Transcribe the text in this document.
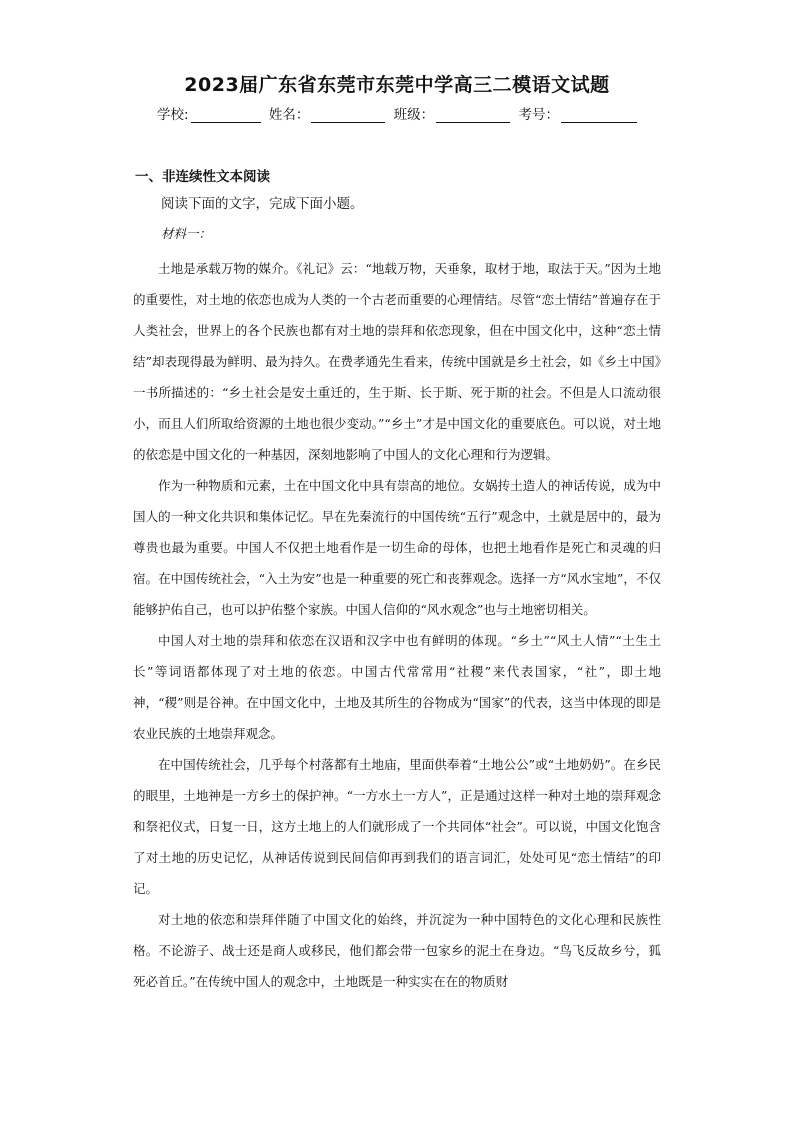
2023届广东省东莞市东莞中学高三二模语文试题
学校:	姓名：	班级：	考号：
一、非连续性文本阅读
阅读下面的文字，完成下面小题。
材料一：

土地是承载万物的媒介。《礼记》云：“地载万物，天垂象，取材于地，取法于天。”因为土地的重要性，对土地的依恋也成为人类的一个古老而重要的心理情结。尽管“恋土情结”普遍存在于人类社会，世界上的各个民族也都有对土地的崇拜和依恋现象，但在中国文化中，这种“恋土情结”却表现得最为鲜明、最为持久。在费孝通先生看来，传统中国就是乡土社会，如《乡土中国》一书所描述的：“乡土社会是安土重迁的，生于斯、长于斯、死于斯的社会。不但是人口流动很小，而且人们所取给资源的土地也很少变动。”“乡土”才是中国文化的重要底色。可以说，对土地的依恋是中国文化的一种基因，深刻地影响了中国人的文化心理和行为逻辑。

作为一种物质和元素，土在中国文化中具有崇高的地位。女娲抟土造人的神话传说，成为中国人的一种文化共识和集体记忆。早在先秦流行的中国传统“五行”观念中，土就是居中的，最为尊贵也最为重要。中国人不仅把土地看作是一切生命的母体，也把土地看作是死亡和灵魂的归宿。在中国传统社会，“入土为安”也是一种重要的死亡和丧葬观念。选择一方“风水宝地”，不仅能够护佑自己，也可以护佑整个家族。中国人信仰的“风水观念”也与土地密切相关。

中国人对土地的崇拜和依恋在汉语和汉字中也有鲜明的体现。“乡土”“风土人情”“土生土长”等词语都体现了对土地的依恋。中国古代常常用“社稷”来代表国家，“社”，即土地神，“稷”则是谷神。在中国文化中，土地及其所生的谷物成为“国家”的代表，这当中体现的即是农业民族的土地崇拜观念。

在中国传统社会，几乎每个村落都有土地庙，里面供奉着“土地公公”或“土地奶奶”。在乡民的眼里，土地神是一方乡土的保护神。“一方水土一方人”，正是通过这样一种对土地的崇拜观念和祭祀仪式，日复一日，这方土地上的人们就形成了一个共同体“社会”。可以说，中国文化饱含了对土地的历史记忆，从神话传说到民间信仰再到我们的语言词汇，处处可见“恋土情结”的印记。

对土地的依恋和崇拜伴随了中国文化的始终，并沉淀为一种中国特色的文化心理和民族性格。不论游子、战士还是商人或移民，他们都会带一包家乡的泥土在身边。“鸟飞反故乡兮，狐死必首丘。”在传统中国人的观念中，土地既是一种实实在在的物质财
